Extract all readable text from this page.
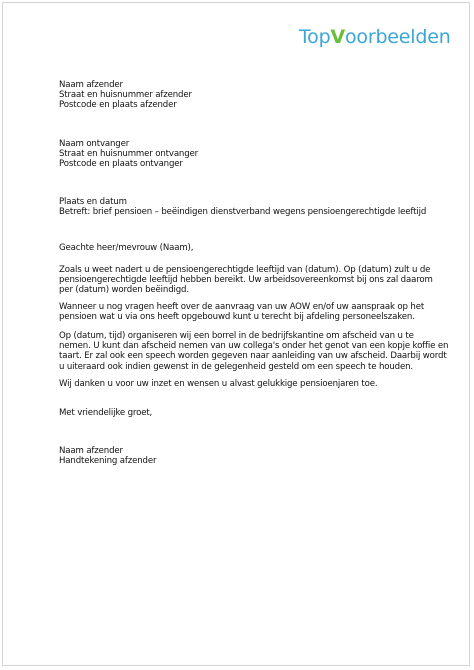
TopVoorbeelden

Naam afzender

Straat en huisnummer afzender

Postcode en plaats afzender

Naam ontvanger

Straat en huisnummer ontvanger

Postcode en plaats ontvanger

Plaats en datum

Betreft: brief pensioen – beëindigen dienstverband wegens pensioengerechtigde leeftijd

Geachte heer/mevrouw (Naam),

Zoals u weet nadert u de pensioengerechtigde leeftijd van (datum). Op (datum) zult u de

pensioengerechtigde leeftijd hebben bereikt. Uw arbeidsovereenkomst bij ons zal daarom

per (datum) worden beëindigd.

Wanneer u nog vragen heeft over de aanvraag van uw AOW en/of uw aanspraak op het

pensioen wat u via ons heeft opgebouwd kunt u terecht bij afdeling personeelszaken.

Op (datum, tijd) organiseren wij een borrel in de bedrijfskantine om afscheid van u te

nemen. U kunt dan afscheid nemen van uw collega's onder het genot van een kopje koffie en

taart. Er zal ook een speech worden gegeven naar aanleiding van uw afscheid. Daarbij wordt

u uiteraard ook indien gewenst in de gelegenheid gesteld om een speech te houden.

Wij danken u voor uw inzet en wensen u alvast gelukkige pensioenjaren toe.

Met vriendelijke groet,

Naam afzender

Handtekening afzender
